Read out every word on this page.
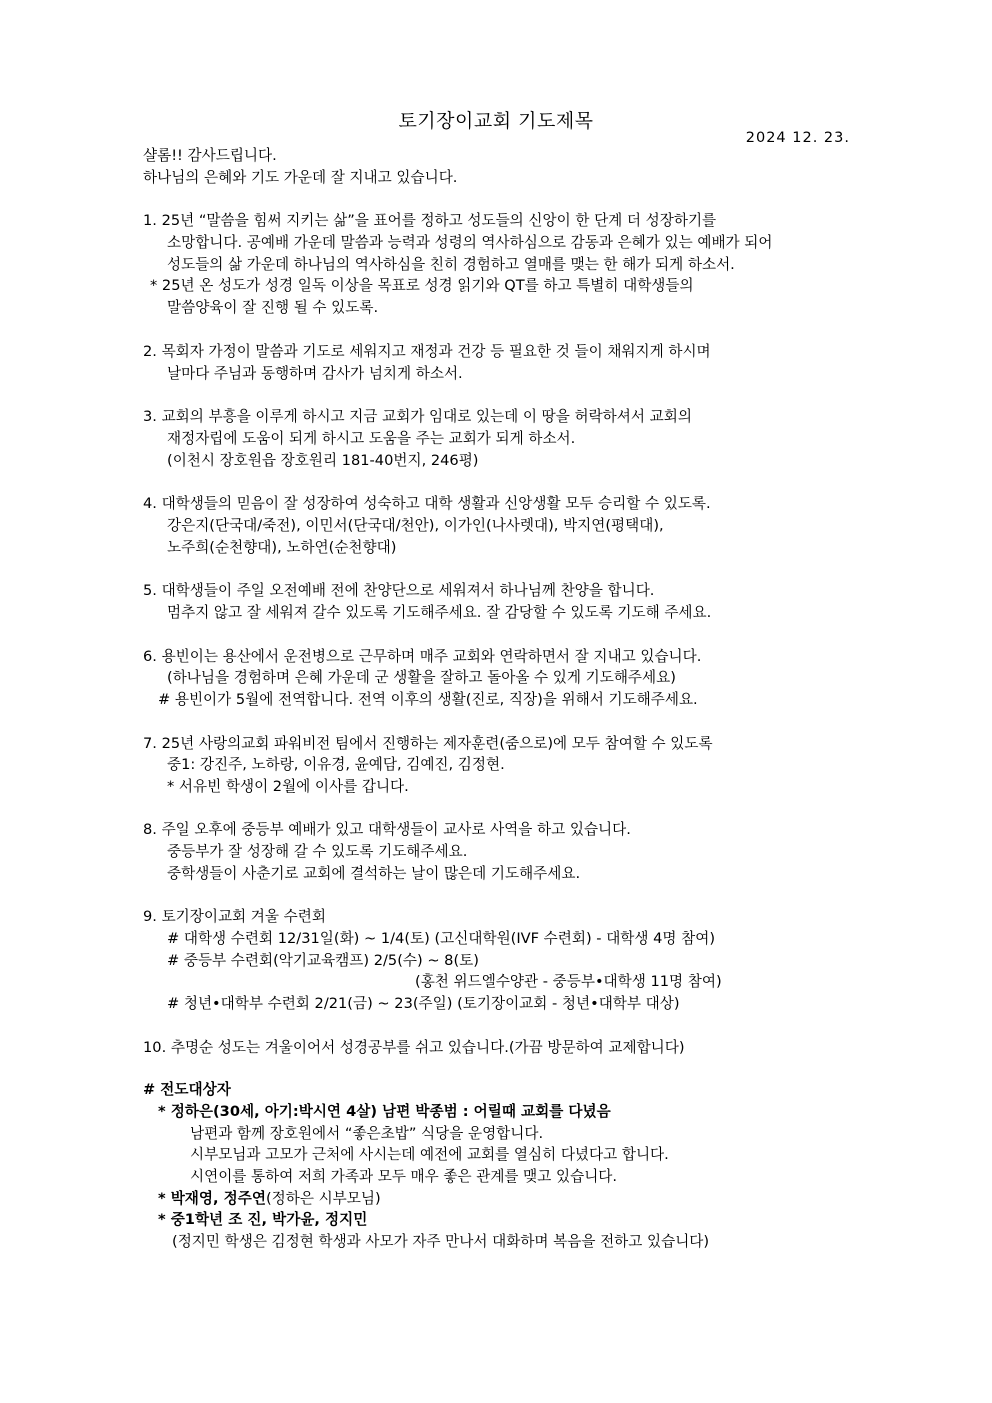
토기장이교회 기도제목
2024 12. 23.
샬롬!! 감사드립니다.
하나님의 은혜와 기도 가운데 잘 지내고 있습니다.
1. 25년 “말씀을 힘써 지키는 삶”을 표어를 정하고 성도들의 신앙이 한 단계 더 성장하기를
소망합니다. 공예배 가운데 말씀과 능력과 성령의 역사하심으로 감동과 은혜가 있는 예배가 되어
성도들의 삶 가운데 하나님의 역사하심을 친히 경험하고 열매를 맺는 한 해가 되게 하소서.
* 25년 온 성도가 성경 일독 이상을 목표로 성경 읽기와 QT를 하고 특별히 대학생들의
말씀양육이 잘 진행 될 수 있도록.
2. 목회자 가정이 말씀과 기도로 세워지고 재정과 건강 등 필요한 것 들이 채워지게 하시며
날마다 주님과 동행하며 감사가 넘치게 하소서.
3. 교회의 부흥을 이루게 하시고 지금 교회가 임대로 있는데 이 땅을 허락하셔서 교회의
재정자립에 도움이 되게 하시고 도움을 주는 교회가 되게 하소서.
(이천시 장호원읍 장호원리 181-40번지, 246평)
4. 대학생들의 믿음이 잘 성장하여 성숙하고 대학 생활과 신앙생활 모두 승리할 수 있도록.
강은지(단국대/죽전), 이민서(단국대/천안), 이가인(나사렛대), 박지연(평택대),
노주희(순천향대), 노하연(순천향대)
5. 대학생들이 주일 오전예배 전에 찬양단으로 세워져서 하나님께 찬양을 합니다.
멈추지 않고 잘 세워져 갈수 있도록 기도해주세요. 잘 감당할 수 있도록 기도해 주세요.
6. 용빈이는 용산에서 운전병으로 근무하며 매주 교회와 연락하면서 잘 지내고 있습니다.
(하나님을 경험하며 은혜 가운데 군 생활을 잘하고 돌아올 수 있게 기도해주세요)
# 용빈이가 5월에 전역합니다. 전역 이후의 생활(진로, 직장)을 위해서 기도해주세요.
7. 25년 사랑의교회 파워비전 팀에서 진행하는 제자훈련(줌으로)에 모두 참여할 수 있도록
중1: 강진주, 노하랑, 이유경, 윤예담, 김예진, 김정현.
* 서유빈 학생이 2월에 이사를 갑니다.
8. 주일 오후에 중등부 예배가 있고 대학생들이 교사로 사역을 하고 있습니다.
중등부가 잘 성장해 갈 수 있도록 기도해주세요.
중학생들이 사춘기로 교회에 결석하는 날이 많은데 기도해주세요.
9. 토기장이교회 겨울 수련회
# 대학생 수련회 12/31일(화) ~ 1/4(토) (고신대학원(IVF 수련회) - 대학생 4명 참여)
# 중등부 수련회(악기교육캠프) 2/5(수) ~ 8(토)
(홍천 위드엘수양관 - 중등부•대학생 11명 참여)
# 청년•대학부 수련회 2/21(금) ~ 23(주일) (토기장이교회 - 청년•대학부 대상)
10. 추명순 성도는 겨울이어서 성경공부를 쉬고 있습니다.(가끔 방문하여 교제합니다)
# 전도대상자
* 정하은(30세, 아기:박시연 4살) 남편 박종범 : 어릴때 교회를 다녔음
남편과 함께 장호원에서 “좋은초밥” 식당을 운영합니다.
시부모님과 고모가 근처에 사시는데 예전에 교회를 열심히 다녔다고 합니다.
시연이를 통하여 저희 가족과 모두 매우 좋은 관계를 맺고 있습니다.
* 박재영, 정주연(정하은 시부모님)
* 중1학년 조 진, 박가윤, 정지민
(정지민 학생은 김정현 학생과 사모가 자주 만나서 대화하며 복음을 전하고 있습니다)
